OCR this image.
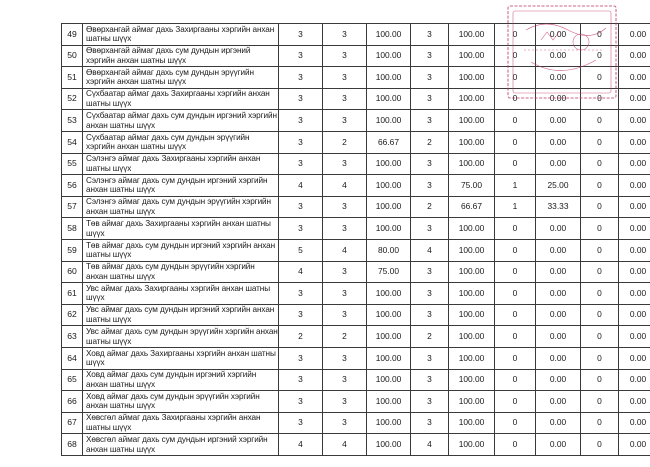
49	Өвөрхангай аймаг дахь Захиргааны хэргийн анхан шатны шүүх	3	3	100.00	3	100.00	0	0.00	0	0.00
50	Өвөрхангай аймаг дахь сум дундын иргэний хэргийн анхан шатны шүүх	3	3	100.00	3	100.00	0	0.00	0	0.00
51	Өвөрхангай аймаг дахь сум дундын эрүүгийн хэргийн анхан шатны шүүх	3	3	100.00	3	100.00	0	0.00	0	0.00
52	Сүхбаатар аймаг дахь Захиргааны хэргийн анхан шатны шүүх	3	3	100.00	3	100.00	0	0.00	0	0.00
53	Сүхбаатар аймаг дахь сум дундын иргэний хэргийн анхан шатны шүүх	3	3	100.00	3	100.00	0	0.00	0	0.00
54	Сүхбаатар аймаг дахь сум дундын эрүүгийн хэргийн анхан шатны шүүх	3	2	66.67	2	100.00	0	0.00	0	0.00
55	Сэлэнгэ аймаг дахь Захиргааны хэргийн анхан шатны шүүх	3	3	100.00	3	100.00	0	0.00	0	0.00
56	Сэлэнгэ аймаг дахь сум дундын иргэний хэргийн анхан шатны шүүх	4	4	100.00	3	75.00	1	25.00	0	0.00
57	Сэлэнгэ аймаг дахь сум дундын эрүүгийн хэргийн анхан шатны шүүх	3	3	100.00	2	66.67	1	33.33	0	0.00
58	Төв аймаг дахь Захиргааны хэргийн анхан шатны шүүх	3	3	100.00	3	100.00	0	0.00	0	0.00
59	Төв аймаг дахь сум дундын иргэний хэргийн анхан шатны шүүх	5	4	80.00	4	100.00	0	0.00	0	0.00
60	Төв аймаг дахь сум дундын эрүүгийн хэргийн анхан шатны шүүх	4	3	75.00	3	100.00	0	0.00	0	0.00
61	Увс аймаг дахь Захиргааны хэргийн анхан шатны шүүх	3	3	100.00	3	100.00	0	0.00	0	0.00
62	Увс аймаг дахь сум дундын иргэний хэргийн анхан шатны шүүх	3	3	100.00	3	100.00	0	0.00	0	0.00
63	Увс аймаг дахь сум дундын эрүүгийн хэргийн анхан шатны шүүх	2	2	100.00	2	100.00	0	0.00	0	0.00
64	Ховд аймаг дахь Захиргааны хэргийн анхан шатны шүүх	3	3	100.00	3	100.00	0	0.00	0	0.00
65	Ховд аймаг дахь сум дундын иргэний хэргийн анхан шатны шүүх	3	3	100.00	3	100.00	0	0.00	0	0.00
66	Ховд аймаг дахь сум дундын эрүүгийн хэргийн анхан шатны шүүх	3	3	100.00	3	100.00	0	0.00	0	0.00
67	Хөвсгөл аймаг дахь Захиргааны хэргийн анхан шатны шүүх	3	3	100.00	3	100.00	0	0.00	0	0.00
68	Хөвсгөл аймаг дахь сум дундын иргэний хэргийн анхан шатны шүүх	4	4	100.00	4	100.00	0	0.00	0	0.00
